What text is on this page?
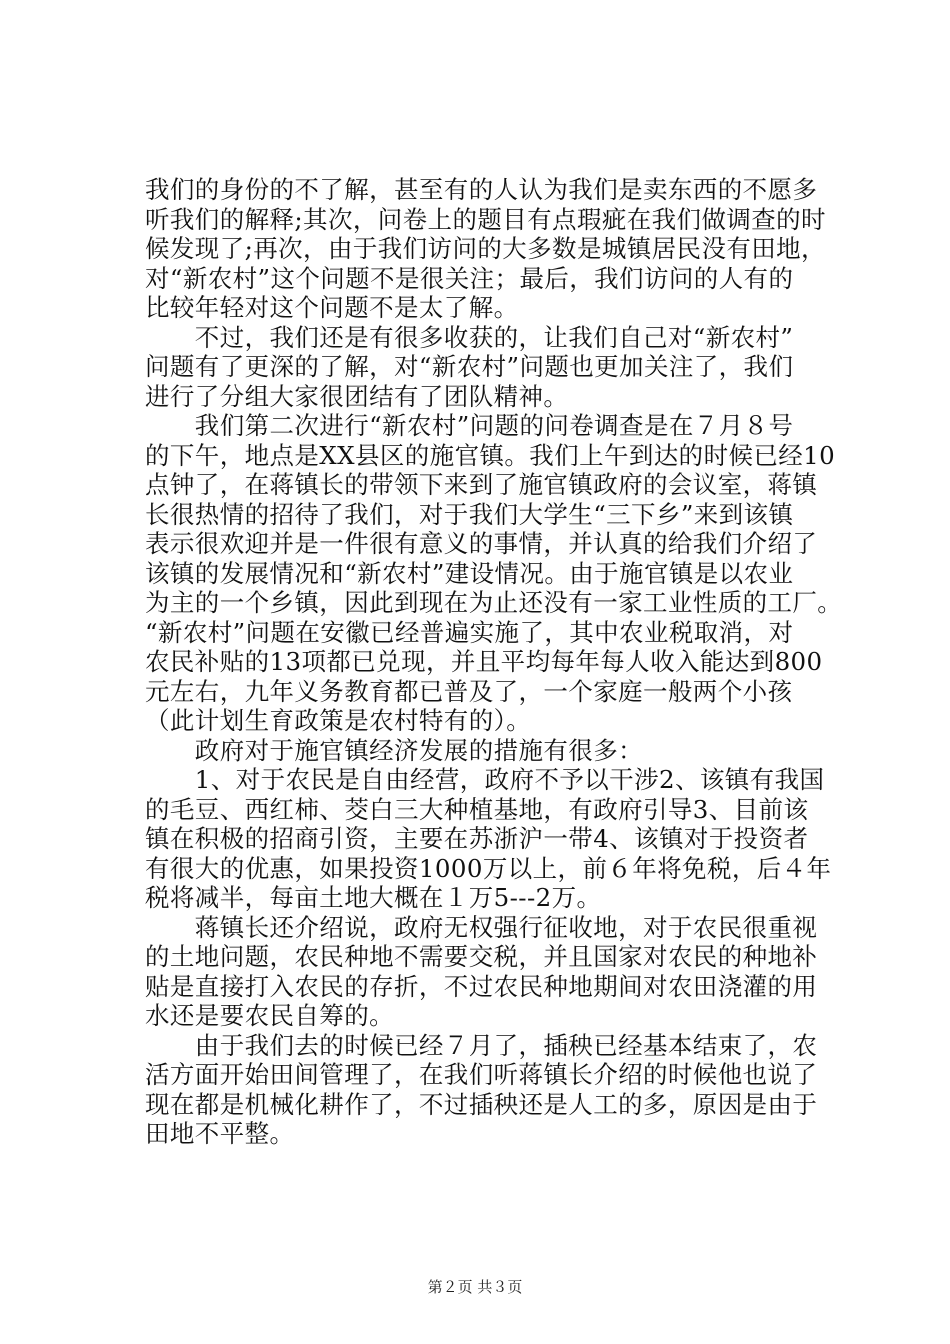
我们的身份的不了解，甚至有的人认为我们是卖东西的不愿多
听我们的解释;其次，问卷上的题目有点瑕疵在我们做调查的时
候发现了;再次，由于我们访问的大多数是城镇居民没有田地，
对“新农村”这个问题不是很关注；最后，我们访问的人有的
比较年轻对这个问题不是太了解。
　　不过，我们还是有很多收获的，让我们自己对“新农村”
问题有了更深的了解，对“新农村”问题也更加关注了，我们
进行了分组大家很团结有了团队精神。
　　我们第二次进行“新农村”问题的问卷调查是在７月８号
的下午，地点是XX县区的施官镇。我们上午到达的时候已经10
点钟了，在蒋镇长的带领下来到了施官镇政府的会议室，蒋镇
长很热情的招待了我们，对于我们大学生“三下乡”来到该镇
表示很欢迎并是一件很有意义的事情，并认真的给我们介绍了
该镇的发展情况和“新农村”建设情况。由于施官镇是以农业
为主的一个乡镇，因此到现在为止还没有一家工业性质的工厂。
“新农村”问题在安徽已经普遍实施了，其中农业税取消，对
农民补贴的13项都已兑现，并且平均每年每人收入能达到800
元左右，九年义务教育都已普及了，一个家庭一般两个小孩
（此计划生育政策是农村特有的）。
　　政府对于施官镇经济发展的措施有很多：
　　1、对于农民是自由经营，政府不予以干涉2、该镇有我国
的毛豆、西红柿、茭白三大种植基地，有政府引导3、目前该
镇在积极的招商引资，主要在苏浙沪一带4、该镇对于投资者
有很大的优惠，如果投资1000万以上，前６年将免税，后４年
税将减半，每亩土地大概在１万5---2万。
　　蒋镇长还介绍说，政府无权强行征收地，对于农民很重视
的土地问题，农民种地不需要交税，并且国家对农民的种地补
贴是直接打入农民的存折，不过农民种地期间对农田浇灌的用
水还是要农民自筹的。
　　由于我们去的时候已经７月了，插秧已经基本结束了，农
活方面开始田间管理了，在我们听蒋镇长介绍的时候他也说了
现在都是机械化耕作了，不过插秧还是人工的多，原因是由于
田地不平整。
第２页 共３页
